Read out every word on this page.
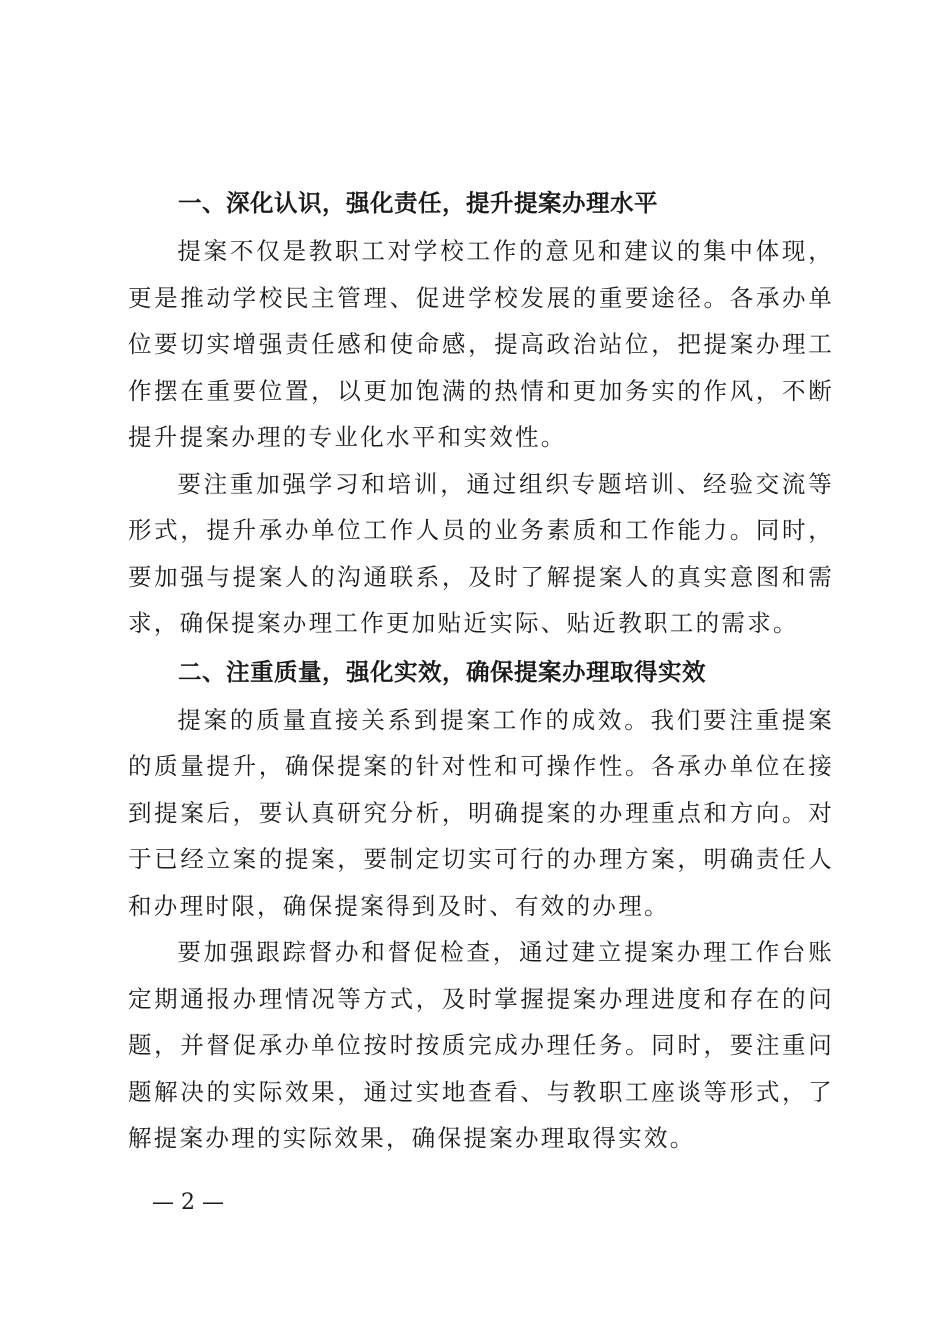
一、深化认识，强化责任，提升提案办理水平

提案不仅是教职工对学校工作的意见和建议的集中体现，更是推动学校民主管理、促进学校发展的重要途径。各承办单位要切实增强责任感和使命感，提高政治站位，把提案办理工作摆在重要位置，以更加饱满的热情和更加务实的作风，不断提升提案办理的专业化水平和实效性。

要注重加强学习和培训，通过组织专题培训、经验交流等形式，提升承办单位工作人员的业务素质和工作能力。同时，要加强与提案人的沟通联系，及时了解提案人的真实意图和需求，确保提案办理工作更加贴近实际、贴近教职工的需求。

二、注重质量，强化实效，确保提案办理取得实效

提案的质量直接关系到提案工作的成效。我们要注重提案的质量提升，确保提案的针对性和可操作性。各承办单位在接到提案后，要认真研究分析，明确提案的办理重点和方向。对于已经立案的提案，要制定切实可行的办理方案，明确责任人和办理时限，确保提案得到及时、有效的办理。

要加强跟踪督办和督促检查，通过建立提案办理工作台账定期通报办理情况等方式，及时掌握提案办理进度和存在的问题，并督促承办单位按时按质完成办理任务。同时，要注重问题解决的实际效果，通过实地查看、与教职工座谈等形式，了解提案办理的实际效果，确保提案办理取得实效。

— 2 —
